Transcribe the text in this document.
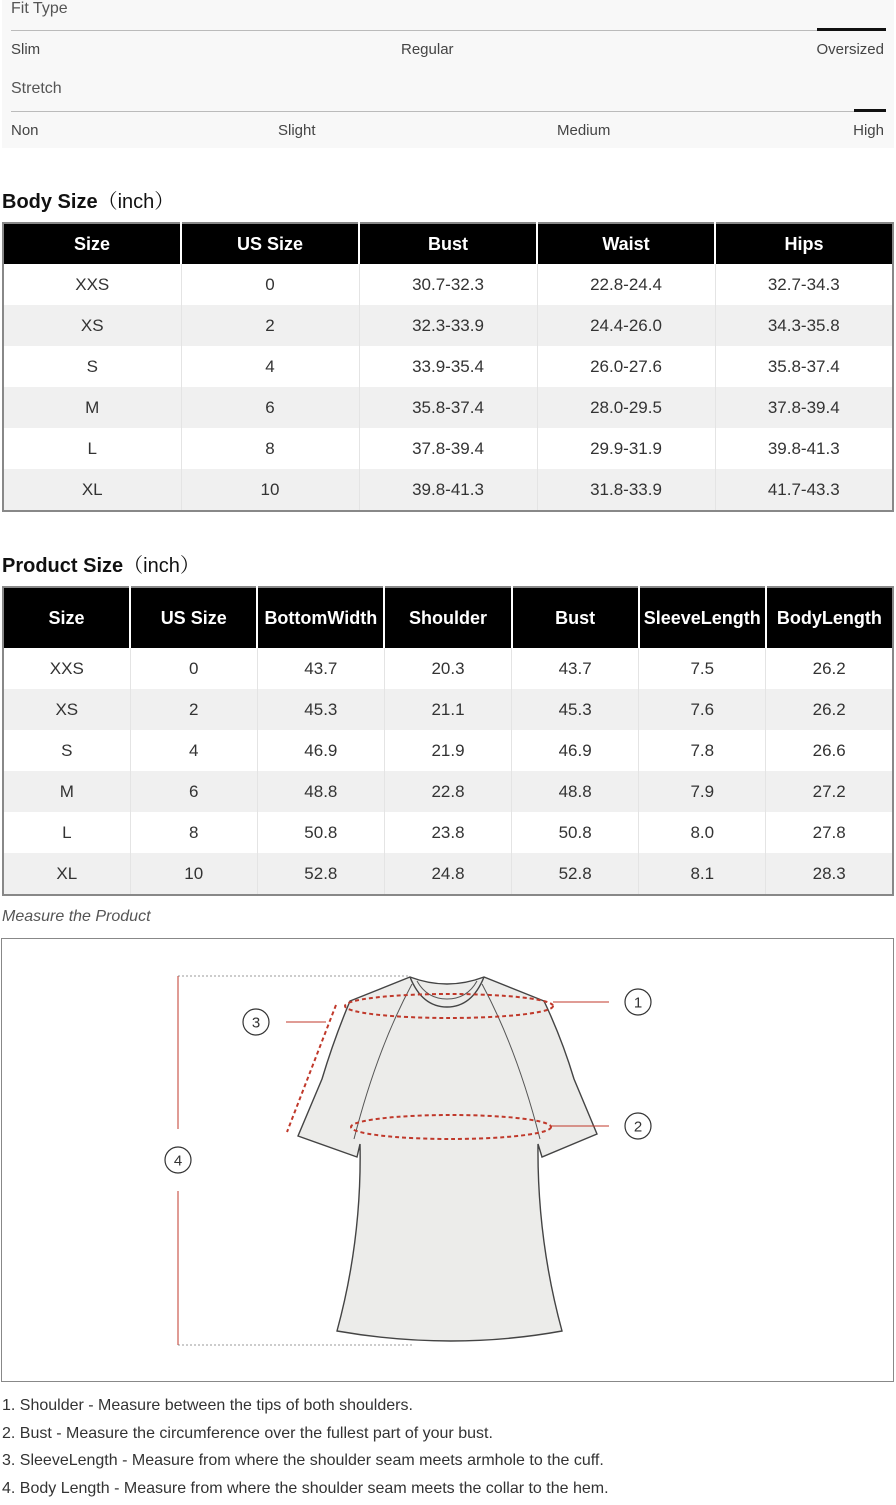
Fit Type
Slim	Regular	Oversized
Stretch
Non	Slight	Medium	High
Body Size（inch）
Size	US Size	Bust	Waist	Hips
XXS	0	30.7-32.3	22.8-24.4	32.7-34.3
XS	2	32.3-33.9	24.4-26.0	34.3-35.8
S	4	33.9-35.4	26.0-27.6	35.8-37.4
M	6	35.8-37.4	28.0-29.5	37.8-39.4
L	8	37.8-39.4	29.9-31.9	39.8-41.3
XL	10	39.8-41.3	31.8-33.9	41.7-43.3
Product Size（inch）
Size	US Size	BottomWidth	Shoulder	Bust	SleeveLength	BodyLength
XXS	0	43.7	20.3	43.7	7.5	26.2
XS	2	45.3	21.1	45.3	7.6	26.2
S	4	46.9	21.9	46.9	7.8	26.6
M	6	48.8	22.8	48.8	7.9	27.2
L	8	50.8	23.8	50.8	8.0	27.8
XL	10	52.8	24.8	52.8	8.1	28.3
Measure the Product
1
2
3
4
1. Shoulder - Measure between the tips of both shoulders.
2. Bust - Measure the circumference over the fullest part of your bust.
3. SleeveLength - Measure from where the shoulder seam meets armhole to the cuff.
4. Body Length - Measure from where the shoulder seam meets the collar to the hem.
